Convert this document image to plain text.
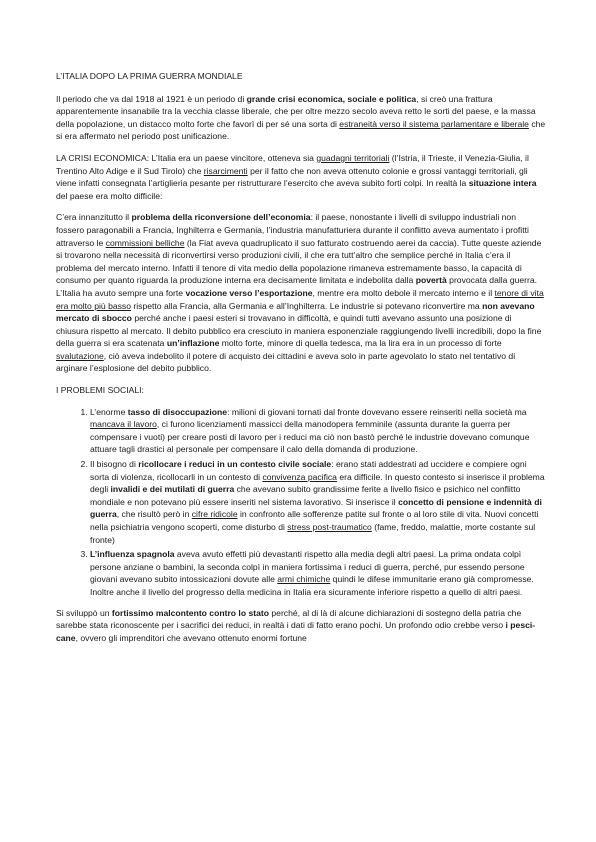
L’ITALIA DOPO LA PRIMA GUERRA MONDIALE

Il periodo che va dal 1918 al 1921 è un periodo di grande crisi economica, sociale e politica, si creò una frattura apparentemente insanabile tra la vecchia classe liberale, che per oltre mezzo secolo aveva retto le sorti del paese, e la massa della popolazione, un distacco molto forte che favorì di per sé una sorta di estraneità verso il sistema parlamentare e liberale che si era affermato nel periodo post unificazione.

LA CRISI ECONOMICA: L’Italia era un paese vincitore, otteneva sia guadagni territoriali (l’Istria, il Trieste, il Venezia-Giulia, il Trentino Alto Adige e il Sud Tirolo) che risarcimenti per il fatto che non aveva ottenuto colonie e grossi vantaggi territoriali, gli viene infatti consegnata l’artiglieria pesante per ristrutturare l’esercito che aveva subito forti colpi. In realtà la situazione intera del paese era molto difficile:

C’era innanzitutto il problema della riconversione dell’economia: il paese, nonostante i livelli di sviluppo industriali non fossero paragonabili a Francia, Inghilterra e Germania, l’industria manufatturiera durante il conflitto aveva aumentato i profitti attraverso le commissioni belliche (la Fiat aveva quadruplicato il suo fatturato costruendo aerei da caccia). Tutte queste aziende si trovarono nella necessità di riconvertirsi verso produzioni civili, il che era tutt’altro che semplice perché in Italia c’era il problema del mercato interno. Infatti il tenore di vita medio della popolazione rimaneva estremamente basso, la capacità di consumo per quanto riguarda la produzione interna era decisamente limitata e indebolita dalla povertà provocata dalla guerra. L’Italia ha avuto sempre una forte vocazione verso l’esportazione, mentre era molto debole il mercato interno e il tenore di vita era molto più basso rispetto alla Francia, alla Germania e all’Inghilterra. Le industrie si potevano riconvertire ma non avevano mercato di sbocco perché anche i paesi esteri si trovavano in difficoltà, e quindi tutti avevano assunto una posizione di chiusura rispetto al mercato. Il debito pubblico era cresciuto in maniera esponenziale raggiungendo livelli incredibili, dopo la fine della guerra si era scatenata un’inflazione molto forte, minore di quella tedesca, ma la lira era in un processo di forte svalutazione, ciò aveva indebolito il potere di acquisto dei cittadini e aveva solo in parte agevolato lo stato nel tentativo di arginare l’esplosione del debito pubblico.

I PROBLEMI SOCIALI:
1. L’enorme tasso di disoccupazione: milioni di giovani tornati dal fronte dovevano essere reinseriti nella società ma mancava il lavoro, ci furono licenziamenti massicci della manodopera femminile (assunta durante la guerra per compensare i vuoti) per creare posti di lavoro per i reduci ma ciò non bastò perché le industrie dovevano comunque attuare tagli drastici al personale per compensare il calo della domanda di produzione.
2. Il bisogno di ricollocare i reduci in un contesto civile sociale: erano stati addestrati ad uccidere e compiere ogni sorta di violenza, ricollocarli in un contesto di convivenza pacifica era difficile. In questo contesto si inserisce il problema degli invalidi e dei mutilati di guerra che avevano subito grandissime ferite a livello fisico e psichico nel conflitto mondiale e non potevano più essere inseriti nel sistema lavorativo. Si inserisce il concetto di pensione e indennità di guerra, che risultò però in cifre ridicole in confronto alle sofferenze patite sul fronte o al loro stile di vita. Nuovi concetti nella psichiatria vengono scoperti, come disturbo di stress post-traumatico (fame, freddo, malattie, morte costante sul fronte)
3. L’influenza spagnola aveva avuto effetti più devastanti rispetto alla media degli altri paesi. La prima ondata colpì persone anziane o bambini, la seconda colpì in maniera fortissima i reduci di guerra, perché, pur essendo persone giovani avevano subito intossicazioni dovute alle armi chimiche quindi le difese immunitarie erano già compromesse. Inoltre anche il livello del progresso della medicina in Italia era sicuramente inferiore rispetto a quello di altri paesi.

Si sviluppò un fortissimo malcontento contro lo stato perché, al di là di alcune dichiarazioni di sostegno della patria che sarebbe stata riconoscente per i sacrifici dei reduci, in realtà i dati di fatto erano pochi. Un profondo odio crebbe verso i pesci-cane, ovvero gli imprenditori che avevano ottenuto enormi fortune
